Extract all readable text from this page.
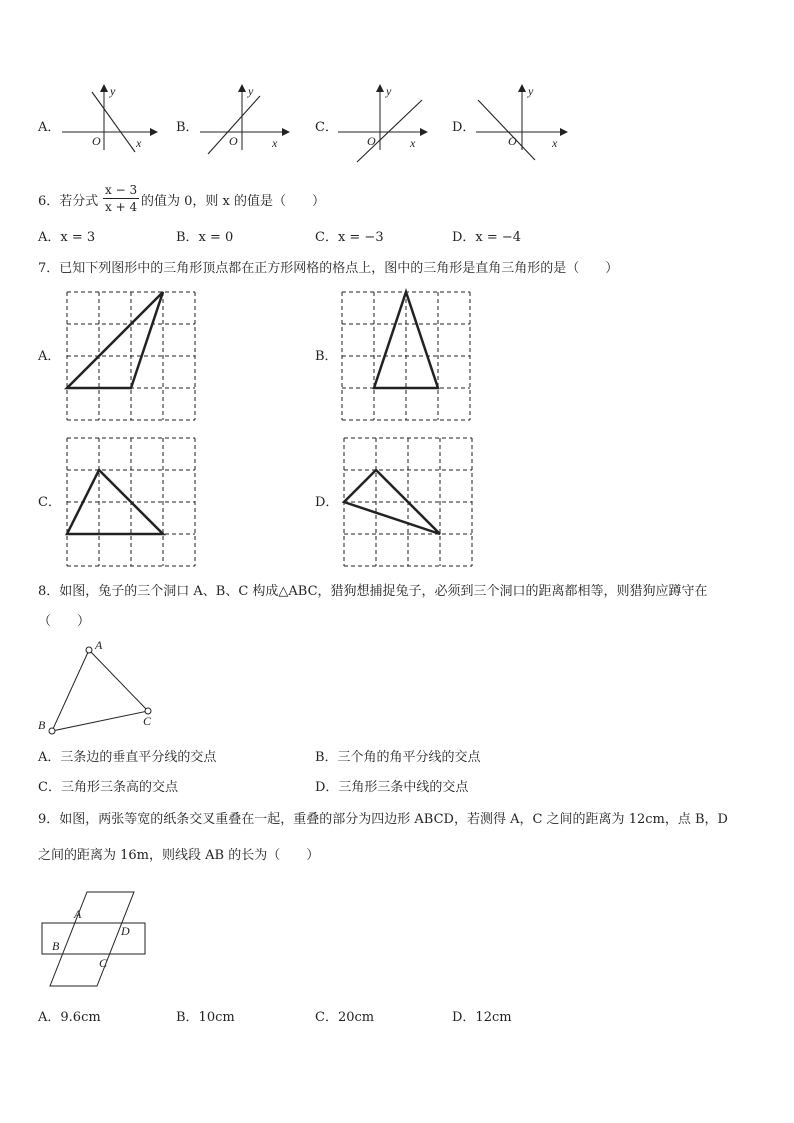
A．
y
x
O
B．
y
x
O
C．
y
x
O
D．
y
x
O
6．若分式 $\frac{x - 3}{x + 4}$ 的值为 0，则 x 的值是（　　）
A．x = 3	B．x = 0	C．x = −3	D．x = −4
7．已知下列图形中的三角形顶点都在正方形网格的格点上，图中的三角形是直角三角形的是（　　）
A．	B．
C．	D．
8．如图，兔子的三个洞口 A、B、C 构成△ABC，猎狗想捕捉兔子，必须到三个洞口的距离都相等，则猎狗应蹲守在
（　　）
A
B	C
A．三条边的垂直平分线的交点	B．三个角的角平分线的交点
C．三角形三条高的交点	D．三角形三条中线的交点
9．如图，两张等宽的纸条交叉重叠在一起，重叠的部分为四边形 ABCD，若测得 A，C 之间的距离为 12cm，点 B，D
之间的距离为 16m，则线段 AB 的长为（　　）
A
B
C
D
A．9.6cm	B．10cm	C．20cm	D．12cm
